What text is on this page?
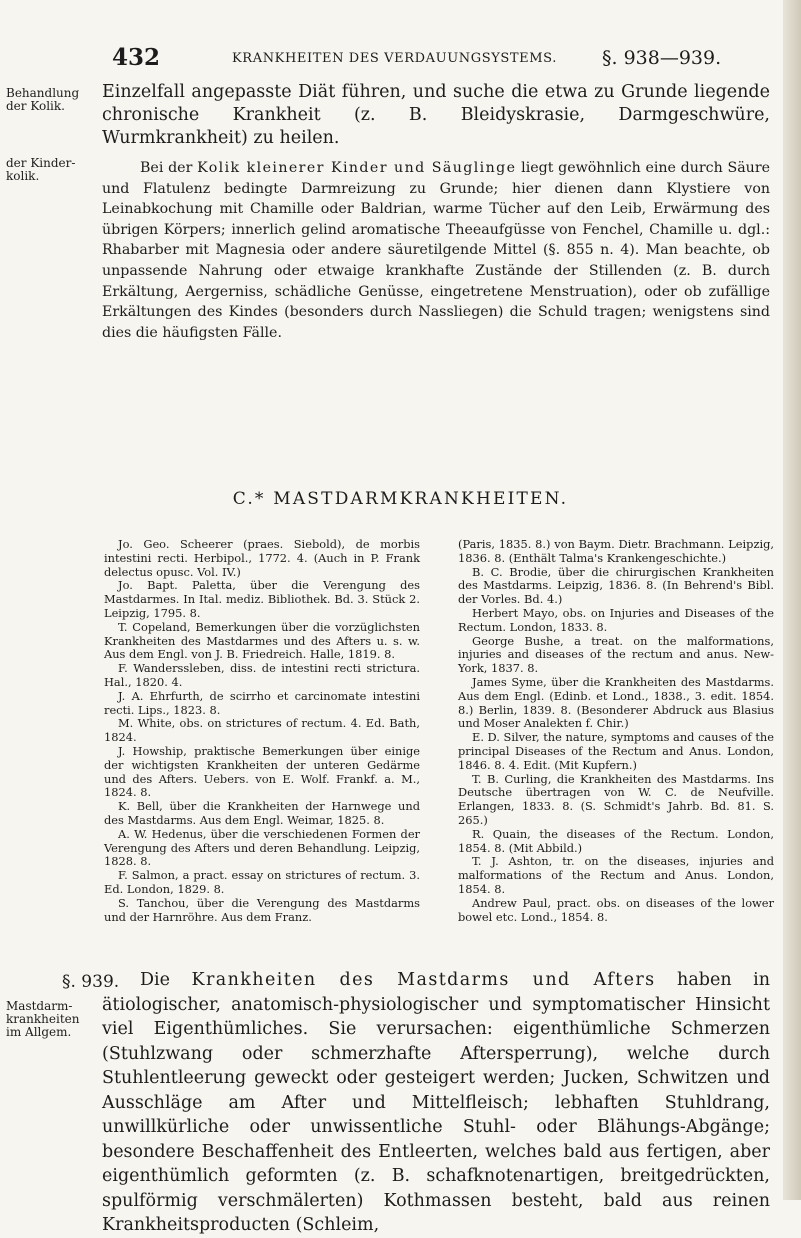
432	KRANKHEITEN DES VERDAUUNGSYSTEMS. §. 938—939.
Behandlung der Kolik.
der Kinder-kolik.

Einzelfall angepasste Diät führen, und suche die etwa zu Grunde liegende chronische Krankheit (z. B. Bleidyskrasie, Darmgeschwüre, Wurmkrankheit) zu heilen.

Bei der Kolik kleinerer Kinder und Säuglinge liegt gewöhnlich eine durch Säure und Flatulenz bedingte Darmreizung zu Grunde; hier dienen dann Klystiere von Leinabkochung mit Chamille oder Baldrian, warme Tücher auf den Leib, Erwärmung des übrigen Körpers; innerlich gelind aromatische Theeaufgüsse von Fenchel, Chamille u. dgl.: Rhabarber mit Magnesia oder andere säuretilgende Mittel (§. 855 n. 4). Man beachte, ob unpassende Nahrung oder etwaige krankhafte Zustände der Stillenden (z. B. durch Erkältung, Aergerniss, schädliche Genüsse, eingetretene Menstruation), oder ob zufällige Erkältungen des Kindes (besonders durch Nassliegen) die Schuld tragen; wenigstens sind dies die häufigsten Fälle.

C.* MASTDARMKRANKHEITEN.

Jo. Geo. Scheerer (praes. Siebold), de morbis intestini recti. Herbipol., 1772. 4. (Auch in P. Frank delectus opusc. Vol. IV.)

Jo. Bapt. Paletta, über die Verengung des Mastdarmes. In Ital. mediz. Bibliothek. Bd. 3. Stück 2. Leipzig, 1795. 8.

T. Copeland, Bemerkungen über die vorzüglichsten Krankheiten des Mastdarmes und des Afters u. s. w. Aus dem Engl. von J. B. Friedreich. Halle, 1819. 8.

F. Wanderssleben, diss. de intestini recti strictura. Hal., 1820. 4.

J. A. Ehrfurth, de scirrho et carcinomate intestini recti. Lips., 1823. 8.

M. White, obs. on strictures of rectum. 4. Ed. Bath, 1824.

J. Howship, praktische Bemerkungen über einige der wichtigsten Krankheiten der unteren Gedärme und des Afters. Uebers. von E. Wolf. Frankf. a. M., 1824. 8.

K. Bell, über die Krankheiten der Harnwege und des Mastdarms. Aus dem Engl. Weimar, 1825. 8.

A. W. Hedenus, über die verschiedenen Formen der Verengung des Afters und deren Behandlung. Leipzig, 1828. 8.

F. Salmon, a pract. essay on strictures of rectum. 3. Ed. London, 1829. 8.

S. Tanchou, über die Verengung des Mastdarms und der Harnröhre. Aus dem Franz.

(Paris, 1835. 8.) von Baym. Dietr. Brachmann. Leipzig, 1836. 8. (Enthält Talma's Krankengeschichte.)

B. C. Brodie, über die chirurgischen Krankheiten des Mastdarms. Leipzig, 1836. 8. (In Behrend's Bibl. der Vorles. Bd. 4.)

Herbert Mayo, obs. on Injuries and Diseases of the Rectum. London, 1833. 8.

George Bushe, a treat. on the malformations, injuries and diseases of the rectum and anus. New-York, 1837. 8.

James Syme, über die Krankheiten des Mastdarms. Aus dem Engl. (Edinb. et Lond., 1838., 3. edit. 1854. 8.) Berlin, 1839. 8. (Besonderer Abdruck aus Blasius und Moser Analekten f. Chir.)

E. D. Silver, the nature, symptoms and causes of the principal Diseases of the Rectum and Anus. London, 1846. 8. 4. Edit. (Mit Kupfern.)

T. B. Curling, die Krankheiten des Mastdarms. Ins Deutsche übertragen von W. C. de Neufville. Erlangen, 1833. 8. (S. Schmidt's Jahrb. Bd. 81. S. 265.)

R. Quain, the diseases of the Rectum. London, 1854. 8. (Mit Abbild.)

T. J. Ashton, tr. on the diseases, injuries and malformations of the Rectum and Anus. London, 1854. 8.

Andrew Paul, pract. obs. on diseases of the lower bowel etc. Lond., 1854. 8.

§. 939.
Mastdarm-krankheiten im Allgem.

Die Krankheiten des Mastdarms und Afters haben in ätiologischer, anatomisch-physiologischer und symptomatischer Hinsicht viel Eigenthümliches. Sie verursachen: eigenthümliche Schmerzen (Stuhlzwang oder schmerzhafte Aftersperrung), welche durch Stuhlentleerung geweckt oder gesteigert werden; Jucken, Schwitzen und Ausschläge am After und Mittelfleisch; lebhaften Stuhldrang, unwillkürliche oder unwissentliche Stuhl- oder Blähungs-Abgänge; besondere Beschaffenheit des Entleerten, welches bald aus fertigen, aber eigenthümlich geformten (z. B. schafknotenartigen, breitgedrückten, spulförmig verschmälerten) Kothmassen besteht, bald aus reinen Krankheitsproducten (Schleim,
